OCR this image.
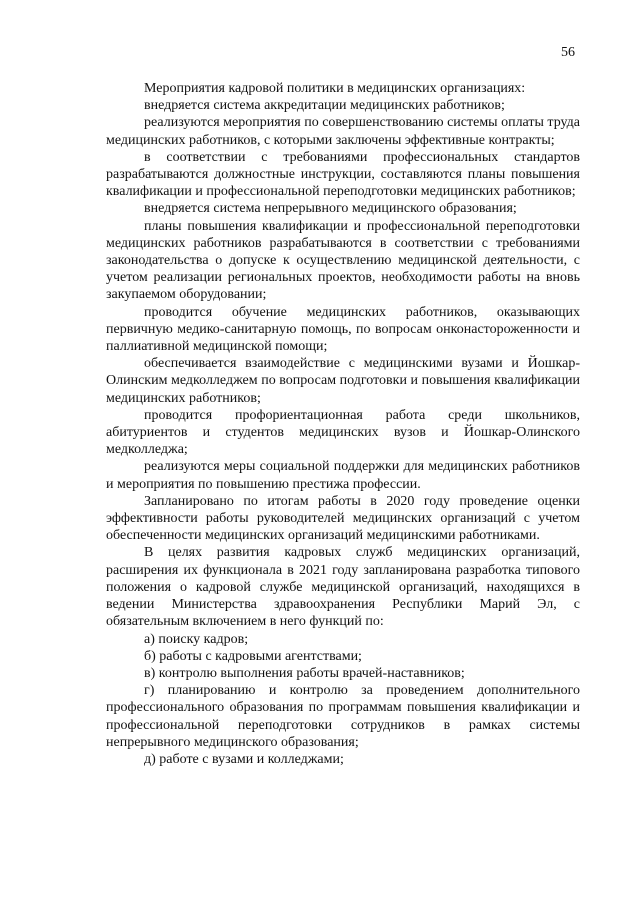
56

Мероприятия кадровой политики в медицинских организациях:

внедряется система аккредитации медицинских работников;

реализуются мероприятия по совершенствованию системы оплаты труда медицинских работников, с которыми заключены эффективные контракты;

в соответствии с требованиями профессиональных стандартов разрабатываются должностные инструкции, составляются планы повышения квалификации и профессиональной переподготовки медицинских работников;

внедряется система непрерывного медицинского образования;

планы повышения квалификации и профессиональной переподготовки медицинских работников разрабатываются в соответствии с требованиями законодательства о допуске к осуществлению медицинской деятельности, с учетом реализации региональных проектов, необходимости работы на вновь закупаемом оборудовании;

проводится обучение медицинских работников, оказывающих первичную медико-санитарную помощь, по вопросам онконастороженности и паллиативной медицинской помощи;

обеспечивается взаимодействие с медицинскими вузами и Йошкар-Олинским медколледжем по вопросам подготовки и повышения квалификации медицинских работников;

проводится профориентационная работа среди школьников, абитуриентов и студентов медицинских вузов и Йошкар-Олинского медколледжа;

реализуются меры социальной поддержки для медицинских работников и мероприятия по повышению престижа профессии.

Запланировано по итогам работы в 2020 году проведение оценки эффективности работы руководителей медицинских организаций с учетом обеспеченности медицинских организаций медицинскими работниками.

В целях развития кадровых служб медицинских организаций, расширения их функционала в 2021 году запланирована разработка типового положения о кадровой службе медицинской организаций, находящихся в ведении Министерства здравоохранения Республики Марий Эл, с обязательным включением в него функций по:

а) поиску кадров;

б) работы с кадровыми агентствами;

в) контролю выполнения работы врачей-наставников;

г) планированию и контролю за проведением дополнительного профессионального образования по программам повышения квалификации и профессиональной переподготовки сотрудников в рамках системы непрерывного медицинского образования;

д) работе с вузами и колледжами;
